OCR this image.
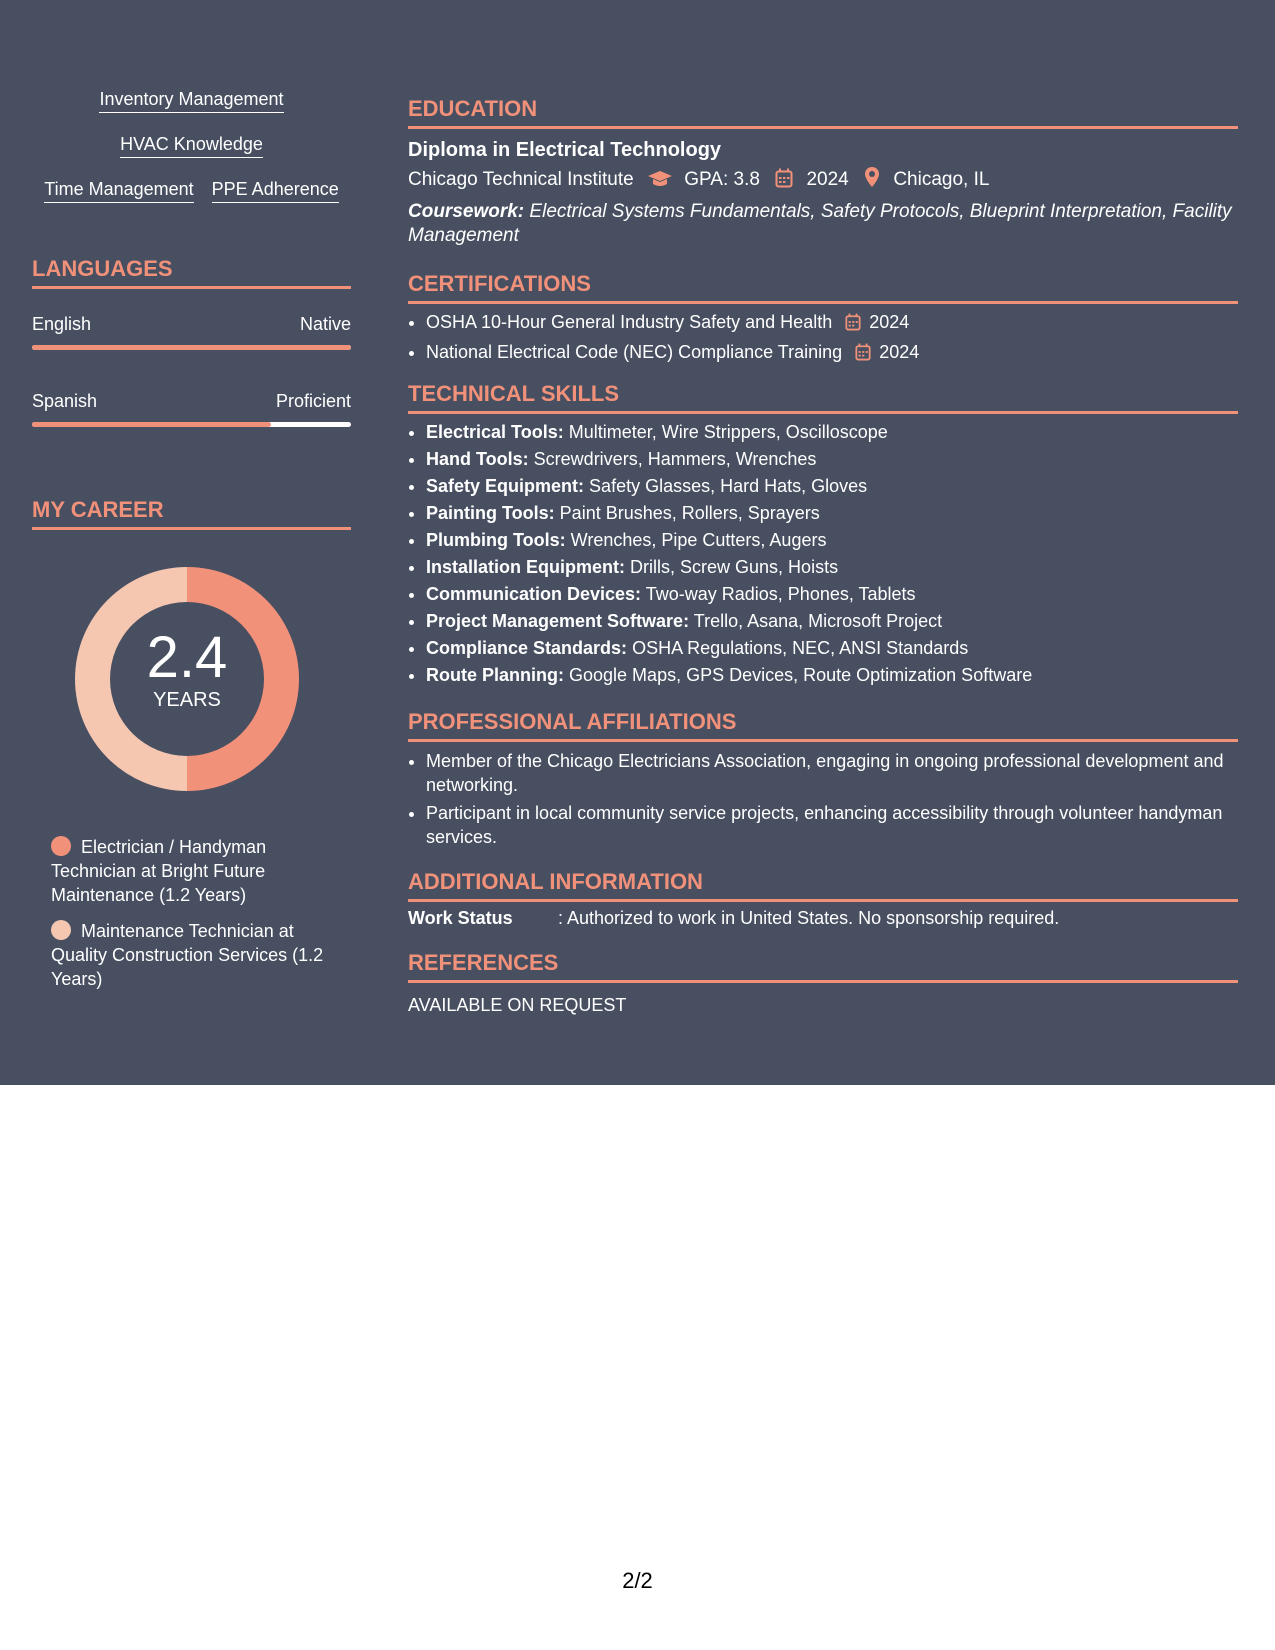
Inventory Management
HVAC Knowledge
Time Management PPE Adherence
LANGUAGES
English	Native
Spanish	Proficient
MY CAREER
2.4
YEARS
Electrician / Handyman Technician at Bright Future Maintenance (1.2 Years)
Maintenance Technician at Quality Construction Services (1.2 Years)
EDUCATION
Diploma in Electrical Technology
Chicago Technical Institute	GPA: 3.8 2024 Chicago, IL
Coursework: Electrical Systems Fundamentals, Safety Protocols, Blueprint Interpretation, Facility Management
CERTIFICATIONS
• OSHA 10-Hour General Industry Safety and Health 2024
• National Electrical Code (NEC) Compliance Training 2024
TECHNICAL SKILLS
• Electrical Tools: Multimeter, Wire Strippers, Oscilloscope
• Hand Tools: Screwdrivers, Hammers, Wrenches
• Safety Equipment: Safety Glasses, Hard Hats, Gloves
• Painting Tools: Paint Brushes, Rollers, Sprayers
• Plumbing Tools: Wrenches, Pipe Cutters, Augers
• Installation Equipment: Drills, Screw Guns, Hoists
• Communication Devices: Two-way Radios, Phones, Tablets
• Project Management Software: Trello, Asana, Microsoft Project
• Compliance Standards: OSHA Regulations, NEC, ANSI Standards
• Route Planning: Google Maps, GPS Devices, Route Optimization Software
PROFESSIONAL AFFILIATIONS
• Member of the Chicago Electricians Association, engaging in ongoing professional development and networking.
• Participant in local community service projects, enhancing accessibility through volunteer handyman services.
ADDITIONAL INFORMATION
Work Status	: Authorized to work in United States. No sponsorship required.
REFERENCES
AVAILABLE ON REQUEST
2/2
